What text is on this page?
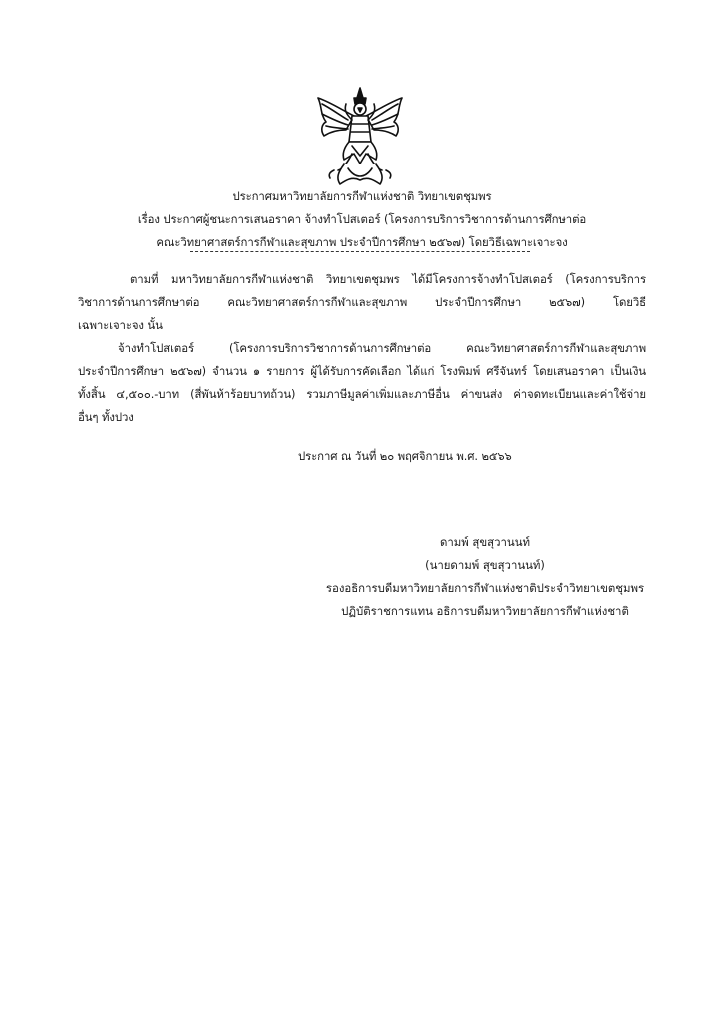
ประกาศมหาวิทยาลัยการกีฬาแห่งชาติ วิทยาเขตชุมพร
เรื่อง ประกาศผู้ชนะการเสนอราคา จ้างทำโปสเตอร์ (โครงการบริการวิชาการด้านการศึกษาต่อ
คณะวิทยาศาสตร์การกีฬาและสุขภาพ ประจำปีการศึกษา ๒๕๖๗) โดยวิธีเฉพาะเจาะจง
ตามที่ มหาวิทยาลัยการกีฬาแห่งชาติ วิทยาเขตชุมพร ได้มีโครงการจ้างทำโปสเตอร์ (โครงการบริการ
วิชาการด้านการศึกษาต่อ คณะวิทยาศาสตร์การกีฬาและสุขภาพ ประจำปีการศึกษา ๒๕๖๗) โดยวิธี
เฉพาะเจาะจง นั้น
จ้างทำโปสเตอร์ (โครงการบริการวิชาการด้านการศึกษาต่อ คณะวิทยาศาสตร์การกีฬาและสุขภาพ
ประจำปีการศึกษา ๒๕๖๗) จำนวน ๑ รายการ ผู้ได้รับการคัดเลือก ได้แก่ โรงพิมพ์ ศรีจันทร์ โดยเสนอราคา เป็นเงิน
ทั้งสิ้น ๔,๕๐๐.-บาท (สี่พันห้าร้อยบาทถ้วน) รวมภาษีมูลค่าเพิ่มและภาษีอื่น ค่าขนส่ง ค่าจดทะเบียนและค่าใช้จ่าย
อื่นๆ ทั้งปวง
ประกาศ ณ วันที่ ๒๐ พฤศจิกายน พ.ศ. ๒๕๖๖
ดามพ์ สุขสุวานนท์
(นายดามพ์ สุขสุวานนท์)
รองอธิการบดีมหาวิทยาลัยการกีฬาแห่งชาติประจำวิทยาเขตชุมพร
ปฏิบัติราชการแทน อธิการบดีมหาวิทยาลัยการกีฬาแห่งชาติ
